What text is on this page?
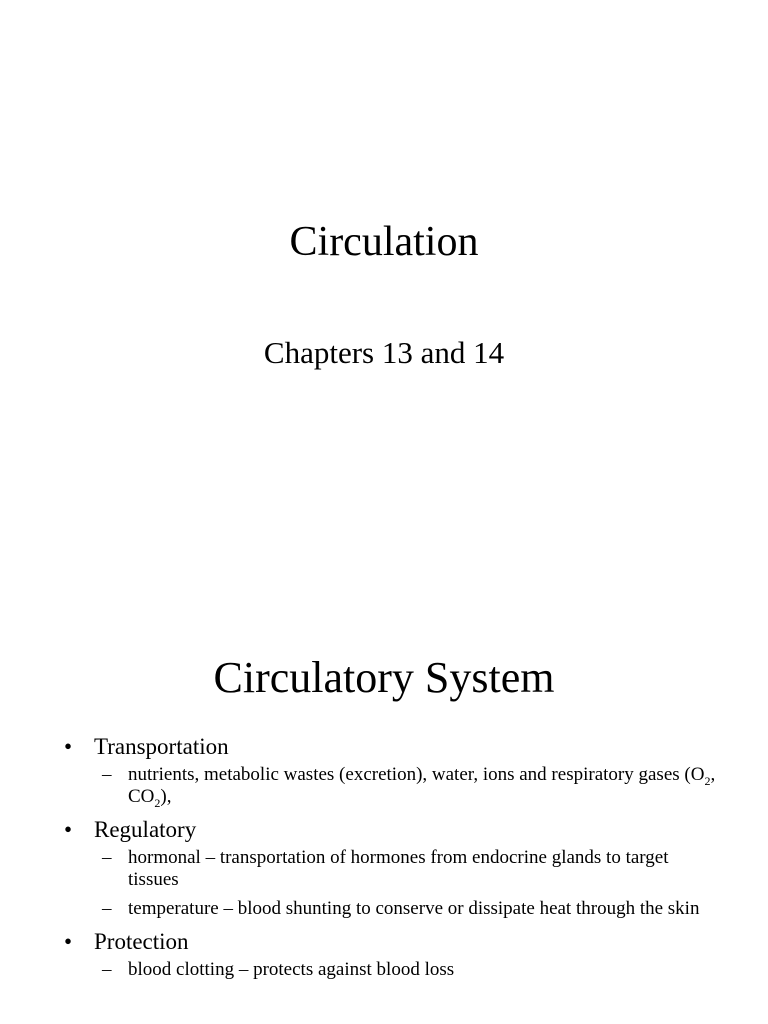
Circulation
Chapters 13 and 14
Circulatory System
• Transportation
– nutrients, metabolic wastes (excretion), water, ions and respiratory gases ($O_2$, $CO_2$),
• Regulatory
– hormonal – transportation of hormones from endocrine glands to target tissues
– temperature – blood shunting to conserve or dissipate heat through the skin
• Protection
– blood clotting – protects against blood loss
